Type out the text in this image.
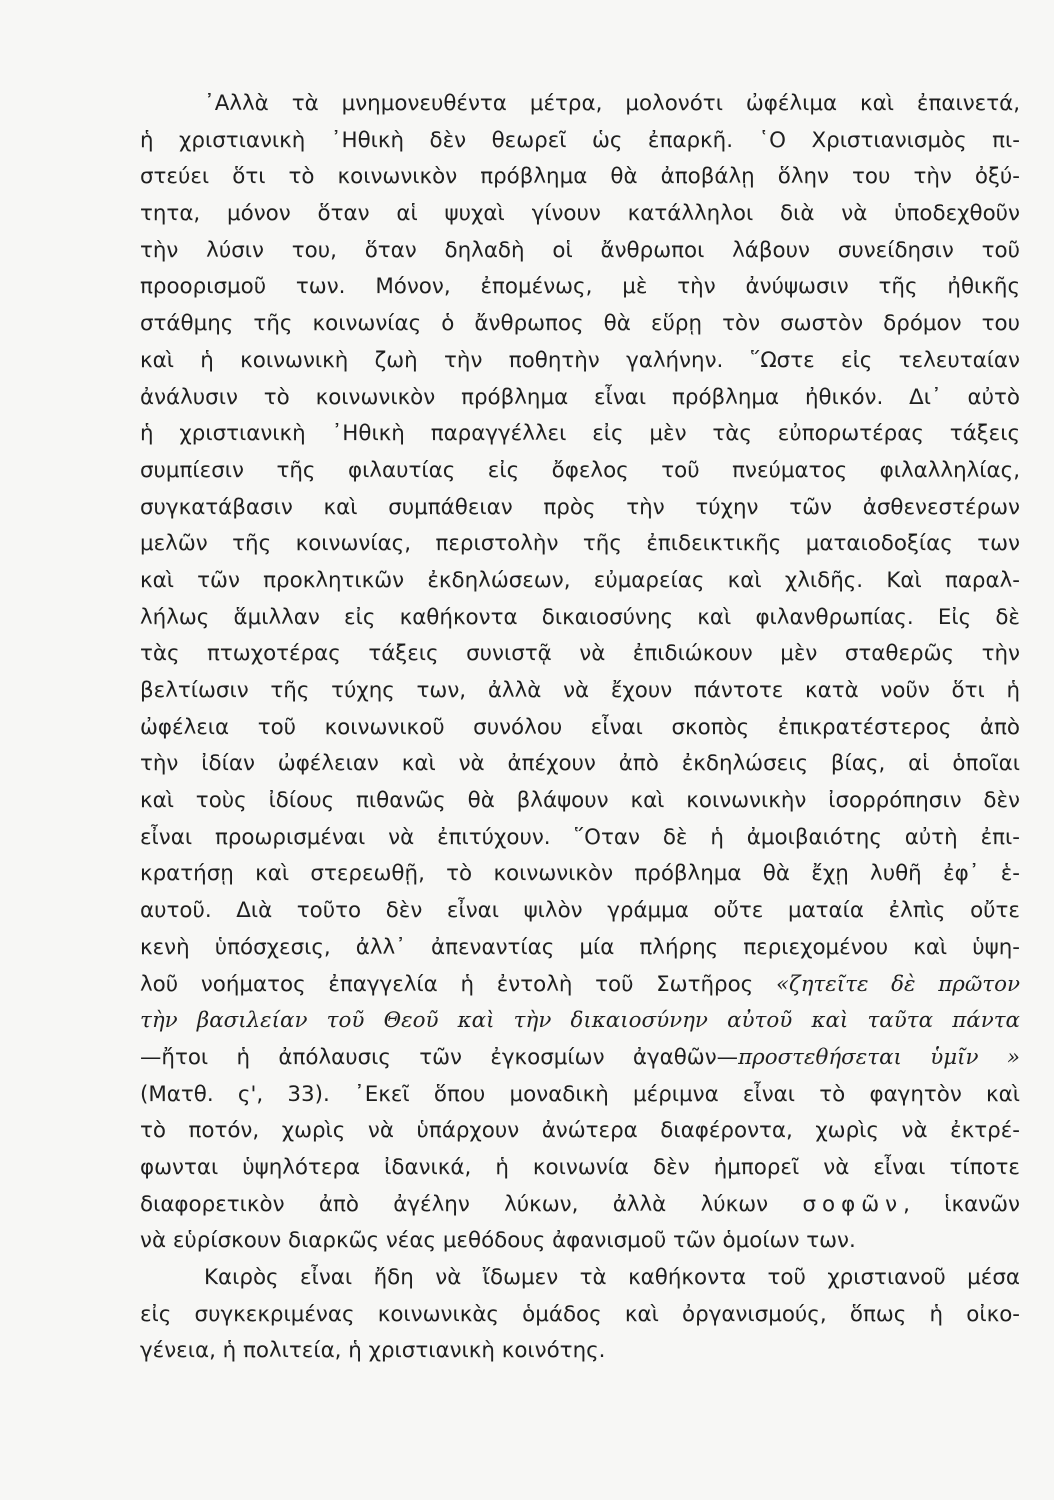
᾿Αλλὰ τὰ μνημονευθέντα μέτρα, μολονότι ὠφέλιμα καὶ ἐπαινετά,
ἡ χριστιανικὴ ᾿Ηθικὴ δὲν θεωρεῖ ὡς ἐπαρκῆ. ῾Ο Χριστιανισμὸς πι-
στεύει ὅτι τὸ κοινωνικὸν πρόβλημα θὰ ἀποβάλῃ ὅλην του τὴν ὀξύ-
τητα, μόνον ὅταν αἱ ψυχαὶ γίνουν κατάλληλοι διὰ νὰ ὑποδεχθοῦν
τὴν λύσιν του, ὅταν δηλαδὴ οἱ ἄνθρωποι λάβουν συνείδησιν τοῦ
προορισμοῦ των. Μόνον, ἐπομένως, μὲ τὴν ἀνύψωσιν τῆς ἠθικῆς
στάθμης τῆς κοινωνίας ὁ ἄνθρωπος θὰ εὕρῃ τὸν σωστὸν δρόμον του
καὶ ἡ κοινωνικὴ ζωὴ τὴν ποθητὴν γαλήνην. ῞Ωστε εἰς τελευταίαν
ἀνάλυσιν τὸ κοινωνικὸν πρόβλημα εἶναι πρόβλημα ἠθικόν. Δι᾿ αὐτὸ
ἡ χριστιανικὴ ᾿Ηθικὴ παραγγέλλει εἰς μὲν τὰς εὐπορωτέρας τάξεις
συμπίεσιν τῆς φιλαυτίας εἰς ὄφελος τοῦ πνεύματος φιλαλληλίας,
συγκατάβασιν καὶ συμπάθειαν πρὸς τὴν τύχην τῶν ἀσθενεστέρων
μελῶν τῆς κοινωνίας, περιστολὴν τῆς ἐπιδεικτικῆς ματαιοδοξίας των
καὶ τῶν προκλητικῶν ἐκδηλώσεων, εὐμαρείας καὶ χλιδῆς. Καὶ παραλ-
λήλως ἅμιλλαν εἰς καθήκοντα δικαιοσύνης καὶ φιλανθρωπίας. Εἰς δὲ
τὰς πτωχοτέρας τάξεις συνιστᾷ νὰ ἐπιδιώκουν μὲν σταθερῶς τὴν
βελτίωσιν τῆς τύχης των, ἀλλὰ νὰ ἔχουν πάντοτε κατὰ νοῦν ὅτι ἡ
ὠφέλεια τοῦ κοινωνικοῦ συνόλου εἶναι σκοπὸς ἐπικρατέστερος ἀπὸ
τὴν ἰδίαν ὠφέλειαν καὶ νὰ ἀπέχουν ἀπὸ ἐκδηλώσεις βίας, αἱ ὁποῖαι
καὶ τοὺς ἰδίους πιθανῶς θὰ βλάψουν καὶ κοινωνικὴν ἰσορρόπησιν δὲν
εἶναι προωρισμέναι νὰ ἐπιτύχουν. ῞Οταν δὲ ἡ ἀμοιβαιότης αὐτὴ ἐπι-
κρατήσῃ καὶ στερεωθῇ, τὸ κοινωνικὸν πρόβλημα θὰ ἔχῃ λυθῆ ἐφ᾿ ἑ-
αυτοῦ. Διὰ τοῦτο δὲν εἶναι ψιλὸν γράμμα οὔτε ματαία ἐλπὶς οὔτε
κενὴ ὑπόσχεσις, ἀλλ᾿ ἀπεναντίας μία πλήρης περιεχομένου καὶ ὑψη-
λοῦ νοήματος ἐπαγγελία ἡ ἐντολὴ τοῦ Σωτῆρος «ζητεῖτε δὲ πρῶτον
τὴν βασιλείαν τοῦ Θεοῦ καὶ τὴν δικαιοσύνην αὐτοῦ καὶ ταῦτα πάντα
—ἤτοι ἡ ἀπόλαυσις τῶν ἐγκοσμίων ἀγαθῶν—προστεθήσεται ὑμῖν »
(Ματθ. ς', 33). ᾿Εκεῖ ὅπου μοναδικὴ μέριμνα εἶναι τὸ φαγητὸν καὶ
τὸ ποτόν, χωρὶς νὰ ὑπάρχουν ἀνώτερα διαφέροντα, χωρὶς νὰ ἐκτρέ-
φωνται ὑψηλότερα ἰδανικά, ἡ κοινωνία δὲν ἠμπορεῖ νὰ εἶναι τίποτε
διαφορετικὸν ἀπὸ ἀγέλην λύκων, ἀλλὰ λύκων σοφῶν, ἱκανῶν
νὰ εὑρίσκουν διαρκῶς νέας μεθόδους ἀφανισμοῦ τῶν ὁμοίων των.
Καιρὸς εἶναι ἤδη νὰ ἴδωμεν τὰ καθήκοντα τοῦ χριστιανοῦ μέσα
εἰς συγκεκριμένας κοινωνικὰς ὁμάδος καὶ ὀργανισμούς, ὅπως ἡ οἰκο-
γένεια, ἡ πολιτεία, ἡ χριστιανικὴ κοινότης.
